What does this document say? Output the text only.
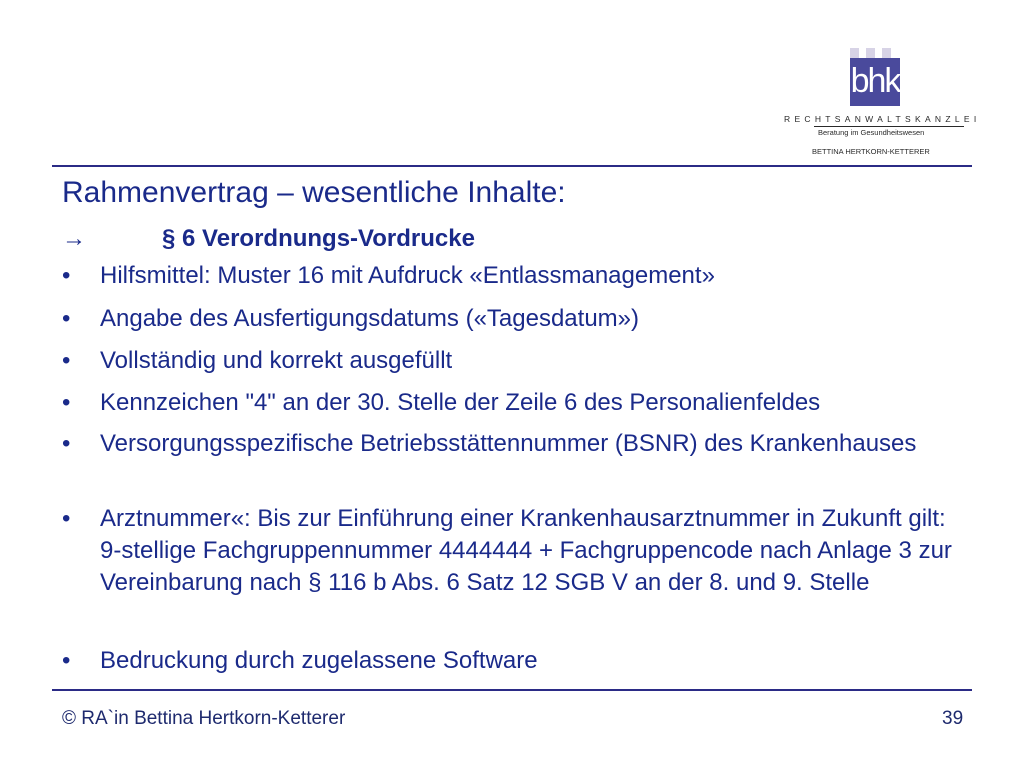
bhk
RECHTSANWALTSKANZLEI
Beratung im Gesundheitswesen
BETTINA HERTKORN-KETTERER
Rahmenvertrag – wesentliche Inhalte:
→	§ 6 Verordnungs-Vordrucke
• Hilfsmittel: Muster 16 mit Aufdruck «Entlassmanagement»
• Angabe des Ausfertigungsdatums («Tagesdatum»)
• Vollständig und korrekt ausgefüllt
• Kennzeichen "4" an der 30. Stelle der Zeile 6 des Personalienfeldes
• Versorgungsspezifische Betriebsstättennummer (BSNR) des Krankenhauses
• Arztnummer«: Bis zur Einführung einer Krankenhausarztnummer in Zukunft gilt: 9-stellige Fachgruppennummer 4444444 + Fachgruppencode nach Anlage 3 zur Vereinbarung nach § 116 b Abs. 6 Satz 12 SGB V an der 8. und 9. Stelle
• Bedruckung durch zugelassene Software
© RA`in Bettina Hertkorn-Ketterer	39
